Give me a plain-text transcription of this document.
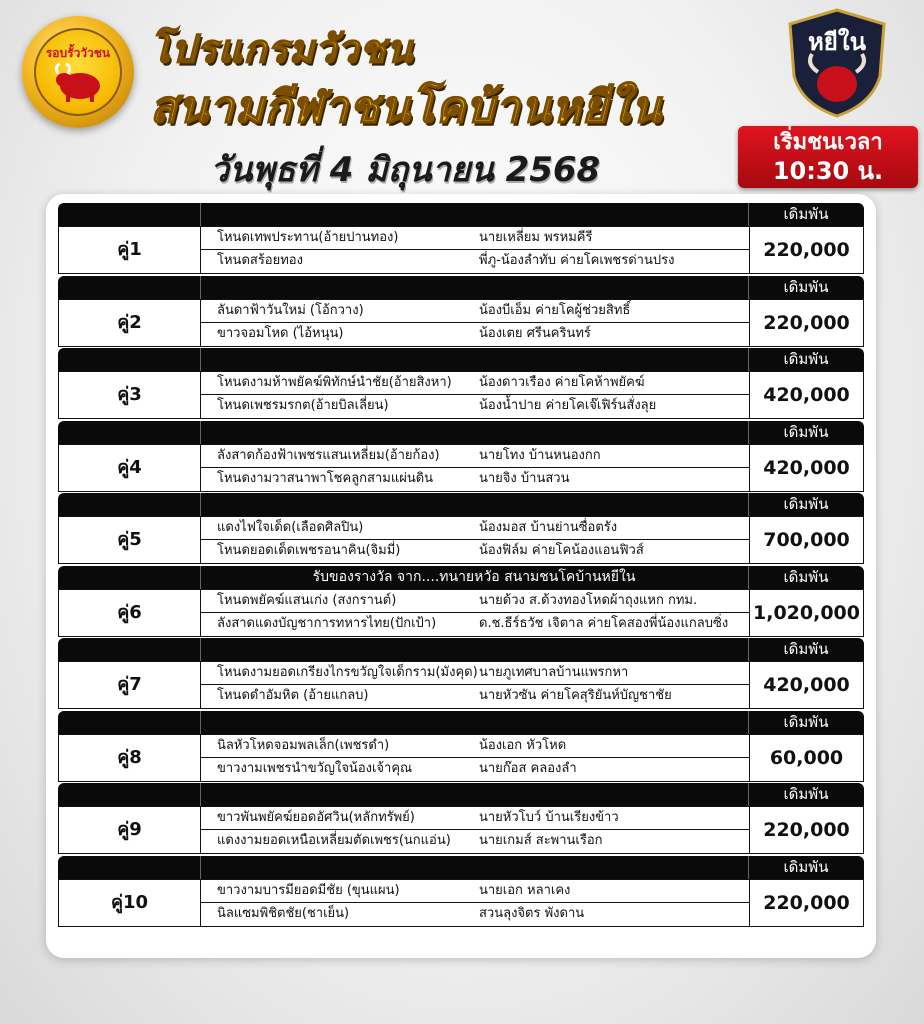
รอบรั้ววัวชน โปรแกรมวัวชน
สนามกีฬาชนโคบ้านหยีใน
วันพุธที่ 4 มิถุนายน 2568
หยีใน
เริ่มชนเวลา
10:30 น.
เดิมพัน
คู่1
โหนดเทพประทาน(อ้ายปานทอง)	นายเหลี่ยม พรหมคีรี
โหนดสร้อยทอง	พี่ภู-น้องลำทับ ค่ายโคเพชรด่านปรง	220,000
เดิมพัน
คู่2
ลันดาฟ้าวันใหม่ (โอ้กวาง)	น้องบีเอ็ม ค่ายโคผู้ช่วยสิทธิ์
ขาวจอมโหด (ไอ้หนุน)	น้องเตย ศรีนครินทร์	220,000
เดิมพัน
คู่3
โหนดงามห้าพยัคฆ์พิทักษ์นำชัย(อ้ายสิงหา) น้องดาวเรือง ค่ายโคห้าพยัคฆ์
โหนดเพชรมรกต(อ้ายบิลเลี่ยน)	น้องน้ำปาย ค่ายโคเจ๊เฟิร์นสั่งลุย	420,000
เดิมพัน
คู่4
ลังสาดก้องฟ้าเพชรแสนเหลี่ยม(อ้ายก้อง)	นายโทง บ้านหนองกก
โหนดงามวาสนาพาโชคลูกสามแผ่นดิน	นายจิง บ้านสวน	420,000
เดิมพัน
คู่5
แดงไฟใจเด็ด(เลือดศิลปิน)	น้องมอส บ้านย่านซื่อตรัง
โหนดยอดเด็ดเพชรอนาคิน(จิมมี่)	น้องฟิล์ม ค่ายโคน้องแอนฟิวส์	700,000
รับของรางวัล จาก....ทนายหวัอ สนามชนโคบ้านหยีใน	เดิมพัน
คู่6
โหนดพยัคฆ์แสนเก่ง (สงกรานต์)	นายด้วง ส.ด้วงทองโหดผ้าถุงแหก กทม.
ลังสาดแดงบัญชาการทหารไทย(ปักเป้า)	ด.ช.ธีร์ธวัช เจิตาล ค่ายโคสองพี่น้องแกลบซิ่ง 1,020,000
เดิมพัน
คู่7
โหนดงามยอดเกรียงไกรขวัญใจเด็กราม(มังคุด) นายภูเทศบาลบ้านแพรกหา
โหนดดำอัมหิต (อ้ายแกลบ)	นายหัวซัน ค่ายโคสุริยันห์บัญชาชัย	420,000
เดิมพัน
คู่8
นิลหัวโหดจอมพลเล็ก(เพชรดำ)	น้องเอก หัวโหด
ขาวงามเพชรนำขวัญใจน้องเจ้าคุณ	นายก๊อส คลองลำ	60,000
เดิมพัน
คู่9
ขาวพันพยัคฆ์ยอดอัศวิน(หลักทรัพย์)	นายหัวโบว์ บ้านเรียงข้าว
แดงงามยอดเหนือเหลี่ยมตัดเพชร(นกแอ่น) นายเกมส์ สะพานเรือก	220,000
เดิมพัน
คู่10
ขาวงามบารมียอดมีชัย (ขุนแผน)	นายเอก หลาเคง
นิลแซมพิชิตชัย(ชาเย็น)	สวนลุงจิตร พังดาน	220,000
